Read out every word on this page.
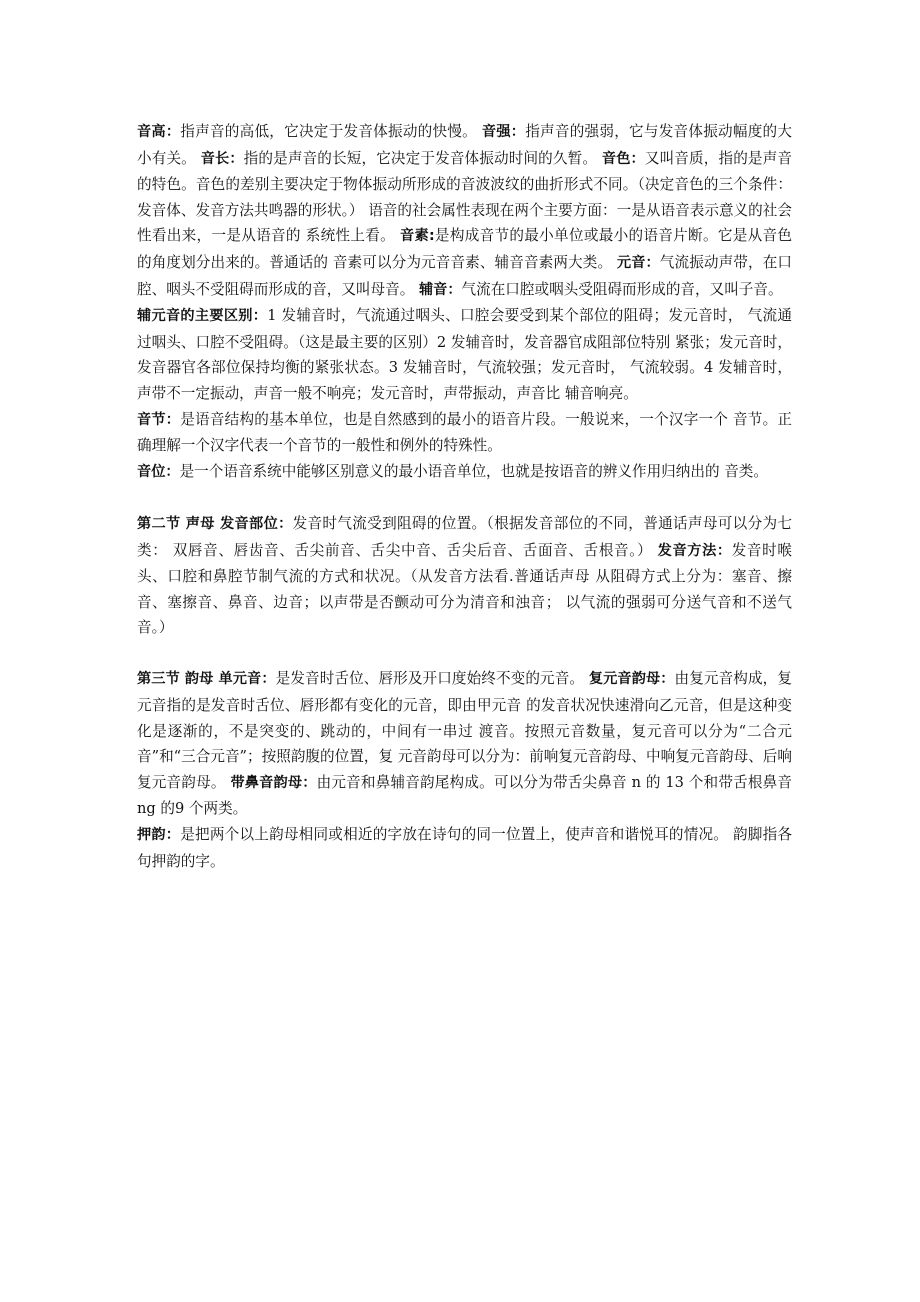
音高：指声音的高低，它决定于发音体振动的快慢。 音强：指声音的强弱，它与发音体振动幅度的大小有关。 音长：指的是声音的长短，它决定于发音体振动时间的久暂。 音色：又叫音质，指的是声音的特色。音色的差别主要决定于物体振动所形成的音波波纹的曲折形式不同。（决定音色的三个条件：发音体、发音方法共鸣器的形状。） 语音的社会属性表现在两个主要方面：一是从语音表示意义的社会性看出来，一是从语音的 系统性上看。 音素:是构成音节的最小单位或最小的语音片断。它是从音色的角度划分出来的。普通话的 音素可以分为元音音素、辅音音素两大类。 元音：气流振动声带，在口腔、咽头不受阻碍而形成的音，又叫母音。 辅音：气流在口腔或咽头受阻碍而形成的音，又叫子音。

辅元音的主要区别：1 发辅音时，气流通过咽头、口腔会要受到某个部位的阻碍；发元音时， 气流通过咽头、口腔不受阻碍。（这是最主要的区别）2 发辅音时，发音器官成阻部位特别 紧张；发元音时，发音器官各部位保持均衡的紧张状态。3 发辅音时，气流较强；发元音时， 气流较弱。4 发辅音时，声带不一定振动，声音一般不响亮；发元音时，声带振动，声音比 辅音响亮。

音节：是语音结构的基本单位，也是自然感到的最小的语音片段。一般说来，一个汉字一个 音节。正确理解一个汉字代表一个音节的一般性和例外的特殊性。

音位：是一个语音系统中能够区别意义的最小语音单位，也就是按语音的辨义作用归纳出的 音类。

第二节 声母 发音部位：发音时气流受到阻碍的位置。（根据发音部位的不同，普通话声母可以分为七类： 双唇音、唇齿音、舌尖前音、舌尖中音、舌尖后音、舌面音、舌根音。） 发音方法：发音时喉头、口腔和鼻腔节制气流的方式和状况。（从发音方法看.普通话声母 从阻碍方式上分为：塞音、擦音、塞擦音、鼻音、边音；以声带是否颤动可分为清音和浊音； 以气流的强弱可分送气音和不送气音。）

第三节 韵母 单元音：是发音时舌位、唇形及开口度始终不变的元音。 复元音韵母：由复元音构成，复元音指的是发音时舌位、唇形都有变化的元音，即由甲元音 的发音状况快速滑向乙元音，但是这种变化是逐渐的，不是突变的、跳动的，中间有一串过 渡音。按照元音数量，复元音可以分为“二合元音”和“三合元音”；按照韵腹的位置，复 元音韵母可以分为：前响复元音韵母、中响复元音韵母、后响复元音韵母。 带鼻音韵母：由元音和鼻辅音韵尾构成。可以分为带舌尖鼻音 n 的 13 个和带舌根鼻音 ng 的9 个两类。

押韵：是把两个以上韵母相同或相近的字放在诗句的同一位置上，使声音和谐悦耳的情况。 韵脚指各句押韵的字。
